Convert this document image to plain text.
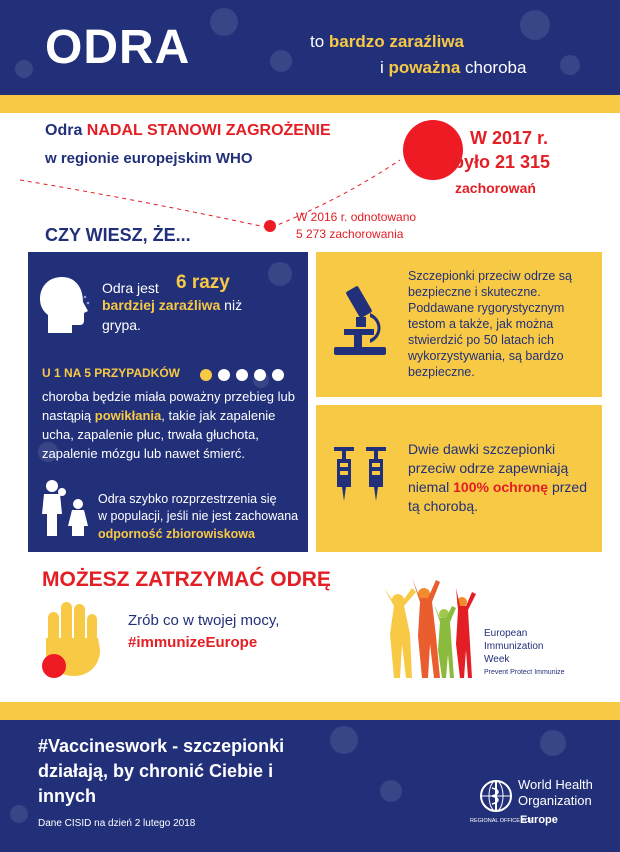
ODRA	to bardzo zaraźliwa
i poważna choroba
Odra NADAL STANOWI ZAGROŻENIE
w regionie europejskim WHO
W 2017 r.
było 21 315
zachorowań
W 2016 r. odnotowano
5 273 zachorowania
CZY WIESZ, ŻE...
Odra jest 6 razy
bardziej zaraźliwa niż
grypa.
U 1 NA 5 PRZYPADKÓW
choroba będzie miała poważny przebieg lub nastąpią powikłania, takie jak zapalenie ucha, zapalenie płuc, trwała głuchota, zapalenie mózgu lub nawet śmierć.
Odra szybko rozprzestrzenia się
w populacji, jeśli nie jest zachowana
odporność zbiorowiskowa
Szczepionki przeciw odrze są bezpieczne i skuteczne. Poddawane rygorystycznym testom a także, jak można stwierdzić po 50 latach ich wykorzystywania, są bardzo bezpieczne.
Dwie dawki szczepionki przeciw odrze zapewniają niemal 100% ochronę przed tą chorobą.
MOŻESZ ZATRZYMAĆ ODRĘ
Zrób co w twojej mocy,
#immunizeEurope
European
Immunization
Week
Prevent Protect Immunize
#Vaccineswork - szczepionki
działają, by chronić Ciebie i
innych
Dane CISID na dzień 2 lutego 2018
World Health
Organization
REGIONAL OFFICE FOR
Europe
